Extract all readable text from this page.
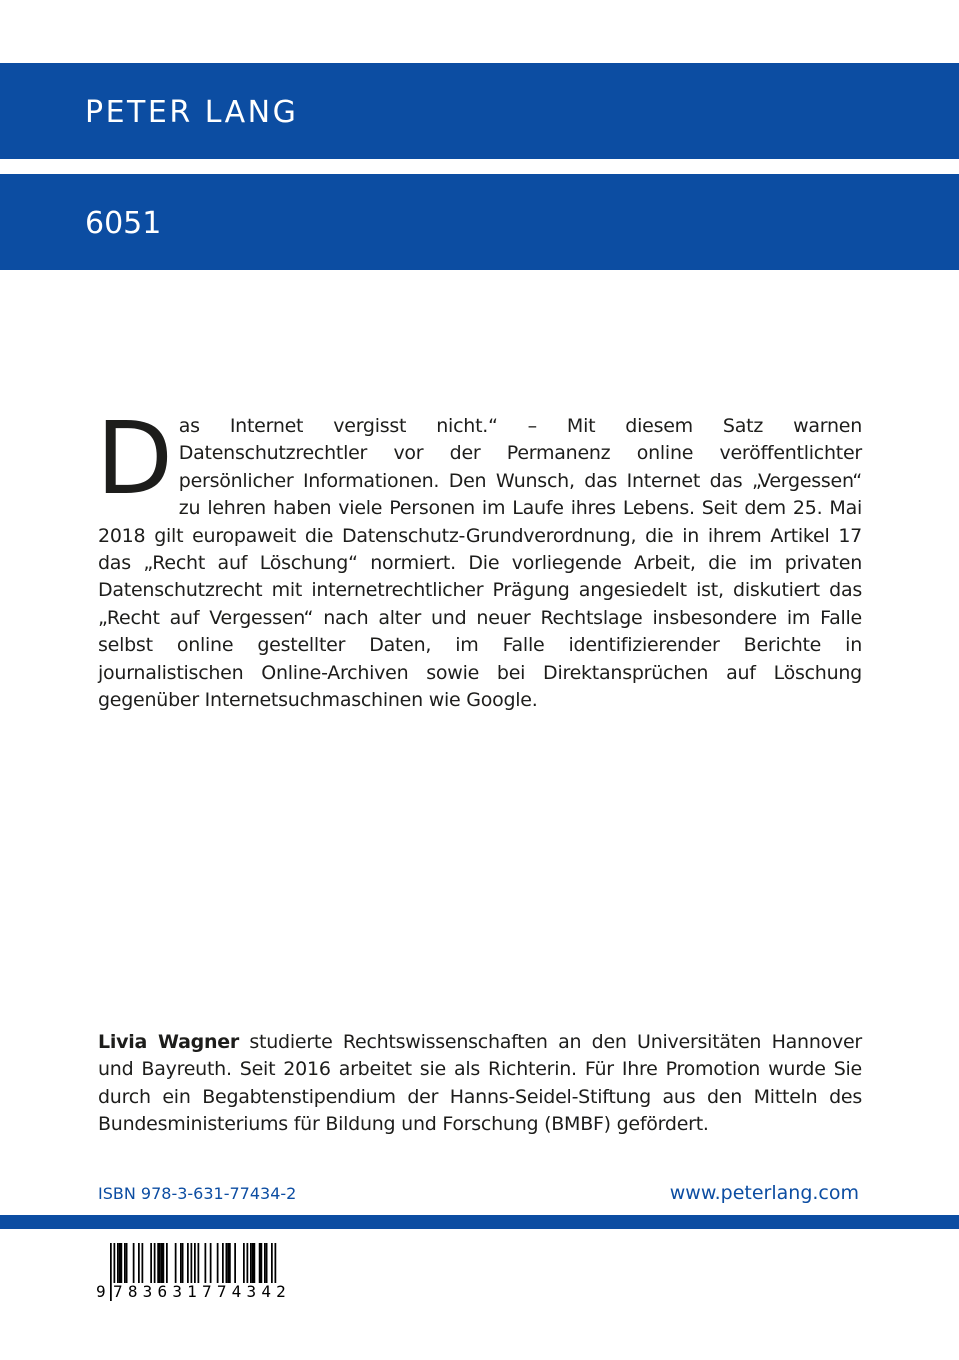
PETER LANG
6051
Das Internet vergisst nicht.“ – Mit diesem Satz warnen Datenschutzrechtler vor der Permanenz online veröffentlichter persönlicher Informationen. Den Wunsch, das Internet das „Vergessen“ zu lehren haben viele Personen im Laufe ihres Lebens. Seit dem 25. Mai 2018 gilt europaweit die Datenschutz-Grundverordnung, die in ihrem Artikel 17 das „Recht auf Löschung“ normiert. Die vorliegende Arbeit, die im privaten Datenschutzrecht mit internetrechtlicher Prägung angesiedelt ist, diskutiert das „Recht auf Vergessen“ nach alter und neuer Rechtslage insbesondere im Falle selbst online gestellter Daten, im Falle identifizierender Berichte in journalistischen Online-Archiven sowie bei Direktansprüchen auf Löschung gegenüber Internetsuchmaschinen wie Google.
Livia Wagner studierte Rechtswissenschaften an den Universitäten Hannover und Bayreuth. Seit 2016 arbeitet sie als Richterin. Für Ihre Promotion wurde Sie durch ein Begabtenstipendium der Hanns-Seidel-Stiftung aus den Mitteln des Bundesministeriums für Bildung und Forschung (BMBF) gefördert.
ISBN 978-3-631-77434-2	www.peterlang.com
9 783631774342
